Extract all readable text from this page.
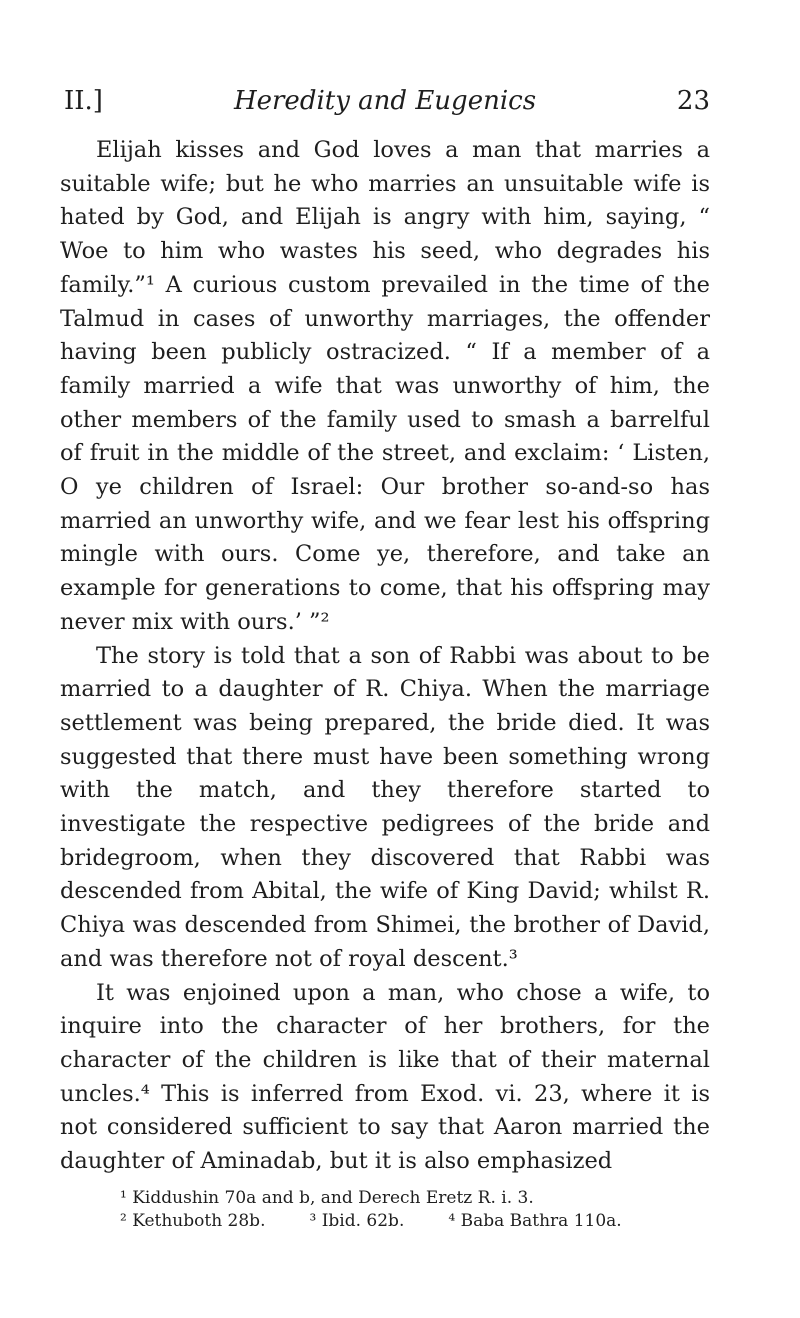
II.]	Heredity and Eugenics	23

Elijah kisses and God loves a man that marries a suitable wife; but he who marries an unsuitable wife is hated by God, and Elijah is angry with him, saying, “ Woe to him who wastes his seed, who degrades his family.”¹ A curious custom prevailed in the time of the Talmud in cases of unworthy marriages, the offender having been publicly ostracized. “ If a member of a family married a wife that was unworthy of him, the other members of the family used to smash a barrelful of fruit in the middle of the street, and exclaim: ‘ Listen, O ye children of Israel: Our brother so-and-so has married an unworthy wife, and we fear lest his offspring mingle with ours. Come ye, therefore, and take an example for generations to come, that his offspring may never mix with ours.’ ”²

The story is told that a son of Rabbi was about to be married to a daughter of R. Chiya. When the marriage settlement was being prepared, the bride died. It was suggested that there must have been something wrong with the match, and they therefore started to investigate the respective pedigrees of the bride and bridegroom, when they discovered that Rabbi was descended from Abital, the wife of King David; whilst R. Chiya was descended from Shimei, the brother of David, and was therefore not of royal descent.³

It was enjoined upon a man, who chose a wife, to inquire into the character of her brothers, for the character of the children is like that of their maternal uncles.⁴ This is inferred from Exod. vi. 23, where it is not considered sufficient to say that Aaron married the daughter of Aminadab, but it is also emphasized

¹ Kiddushin 70a and b, and Derech Eretz R. i. 3.
² Kethuboth 28b.	³ Ibid. 62b.	⁴ Baba Bathra 110a.
